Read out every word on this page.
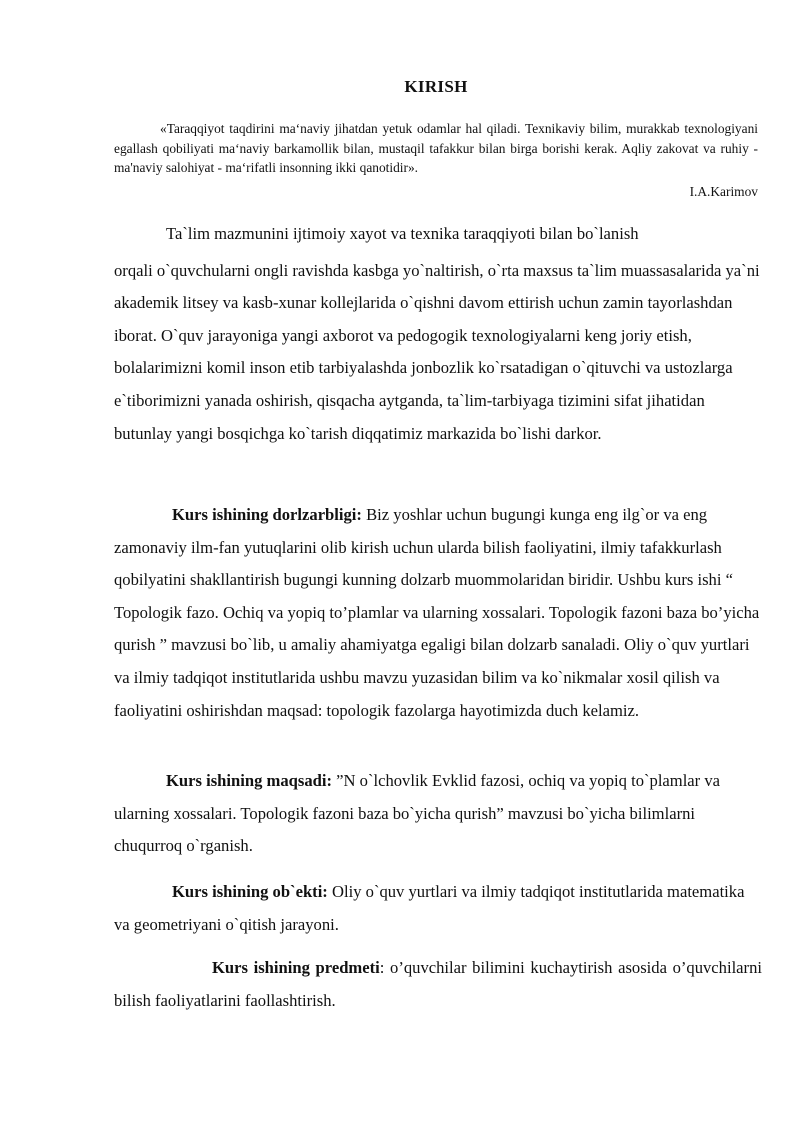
KIRISH
«Taraqqiyot taqdirini ma‘naviy jihatdan yetuk odamlar hal qiladi. Texnikaviy bilim, murakkab texnologiyani egallash qobiliyati ma‘naviy barkamollik bilan, mustaqil tafakkur bilan birga borishi kerak. Aqliy zakovat va ruhiy - ma'naviy salohiyat - ma‘rifatli insonning ikki qanotidir».
I.A.Karimov
Ta`lim mazmunini ijtimoiy xayot va texnika taraqqiyoti bilan bo`lanish
orqali o`quvchularni ongli ravishda kasbga yo`naltirish, o`rta maxsus ta`lim muassasalarida ya`ni akademik litsey va kasb-xunar kollejlarida o`qishni davom ettirish uchun zamin tayorlashdan iborat. O`quv jarayoniga yangi axborot va pedogogik texnologiyalarni keng joriy etish, bolalarimizni komil inson etib tarbiyalashda jonbozlik ko`rsatadigan o`qituvchi va ustozlarga e`tiborimizni yanada oshirish, qisqacha aytganda, ta`lim-tarbiyaga tizimini sifat jihatidan butunlay yangi bosqichga ko`tarish diqqatimiz markazida bo`lishi darkor.
Kurs ishining dorlzarbligi: Biz yoshlar uchun bugungi kunga eng ilg`or va eng zamonaviy ilm-fan yutuqlarini olib kirish uchun ularda bilish faoliyatini, ilmiy tafakkurlash qobilyatini shakllantirish bugungi kunning dolzarb muommolaridan biridir. Ushbu kurs ishi “ Topologik fazo. Ochiq va yopiq to’plamlar va ularning xossalari. Topologik fazoni baza bo’yicha qurish ” mavzusi bo`lib, u amaliy ahamiyatga egaligi bilan dolzarb sanaladi. Oliy o`quv yurtlari va ilmiy tadqiqot institutlarida ushbu mavzu yuzasidan bilim va ko`nikmalar xosil qilish va faoliyatini oshirishdan maqsad: topologik fazolarga hayotimizda duch kelamiz.
Kurs ishining maqsadi: ”N o`lchovlik Evklid fazosi, ochiq va yopiq to`plamlar va ularning xossalari. Topologik fazoni baza bo`yicha qurish” mavzusi bo`yicha bilimlarni chuqurroq o`rganish.
Kurs ishining ob`ekti: Oliy o`quv yurtlari va ilmiy tadqiqot institutlarida matematika va geometriyani o`qitish jarayoni.
Kurs ishining predmeti: o’quvchilar bilimini kuchaytirish asosida o’quvchilarni bilish faoliyatlarini faollashtirish.
